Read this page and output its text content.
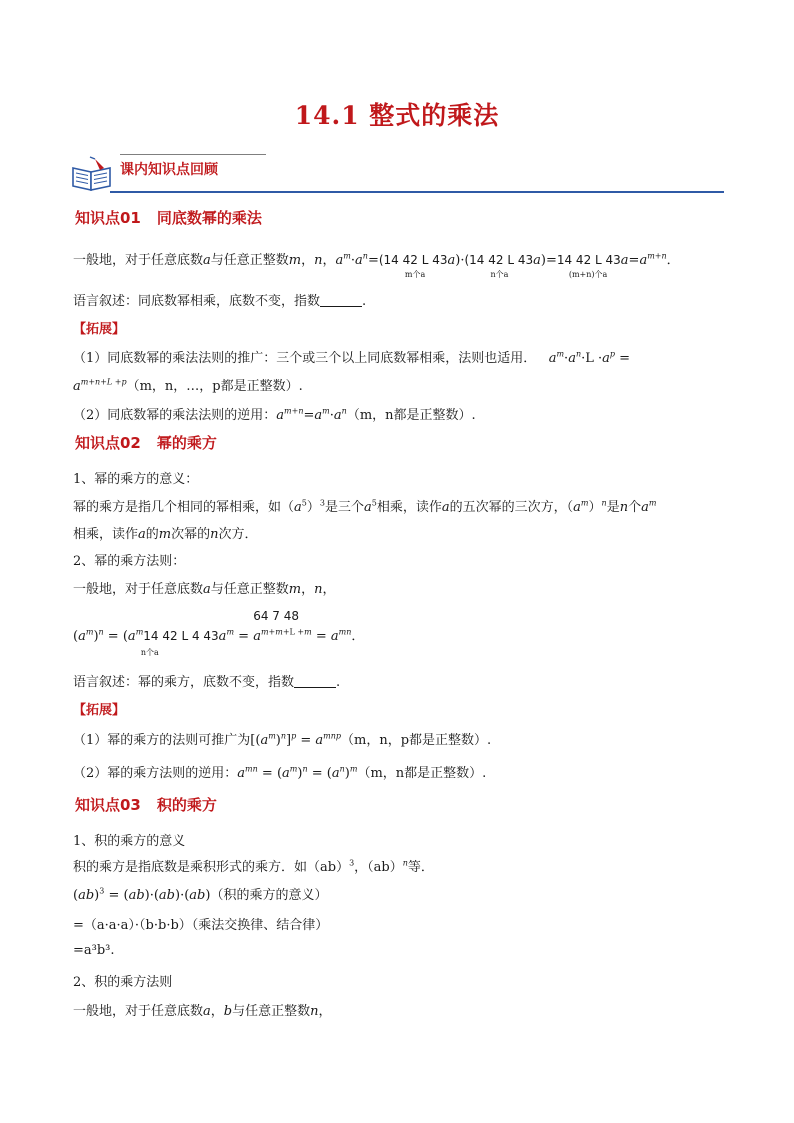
14.1 整式的乘法
课内知识点回顾
知识点01 同底数幂的乘法
一般地，对于任意底数a与任意正整数m，n，$a^m\cdot a^n=(14$ 42 L 43a)
m个a
·(14 42 L 43a)
n个a
=14 42 L 43a
(m+n)个a
$=a^{m+n}$．
语言叙述：同底数幂相乘，底数不变，指数	.
【拓展】
（1）同底数幂的乘法法则的推广：三个或三个以上同底数幂相乘，法则也适用． $a^m\cdot a^n\cdot L \cdot a^p$ =
$a^{m+n+L +p}(m$，n，…，p都是正整数）.
（2）同底数幂的乘法法则的逆用：$a^{m+n}=a^m\cdot a^n(m$，n都是正整数）.
知识点02 幂的乘方
1、幂的乘方的意义：
幂的乘方是指几个相同的幂相乘，如$(a^5)^3$是三个$a^5$相乘，读作a的五次幂的三次方，$(a^m)^n$是n个$a^m$
相乘，读作a的m次幂的n次方．
2、幂的乘方法则：
一般地，对于任意底数a与任意正整数m，n，
$(a^m)^n = (a^m14$ 42 L 4 $43a^m$
n个a
=
64 7 48
$a^{m+m+L +m} = a^{mn}$．
语言叙述：幂的乘方，底数不变，指数	.
【拓展】
（1）幂的乘方的法则可推广为$[(a^m)^n]^p = a^{mnp}(m$，n，p都是正整数）.
（2）幂的乘方法则的逆用：$a^{mn} = (a^m)^n = (a^n)^m(m$，n都是正整数）.
知识点03 积的乘方
1、积的乘方的意义
积的乘方是指底数是乘积形式的乘方．如（ab）$^3$，（ab）$^n$等．
(ab)$^3$ = (ab)·(ab)·(ab)（积的乘方的意义）
=（a·a·a）·（b·b·b）（乘法交换律、结合律）
=a³b³.
2、积的乘方法则
一般地，对于任意底数a，b与任意正整数n，
